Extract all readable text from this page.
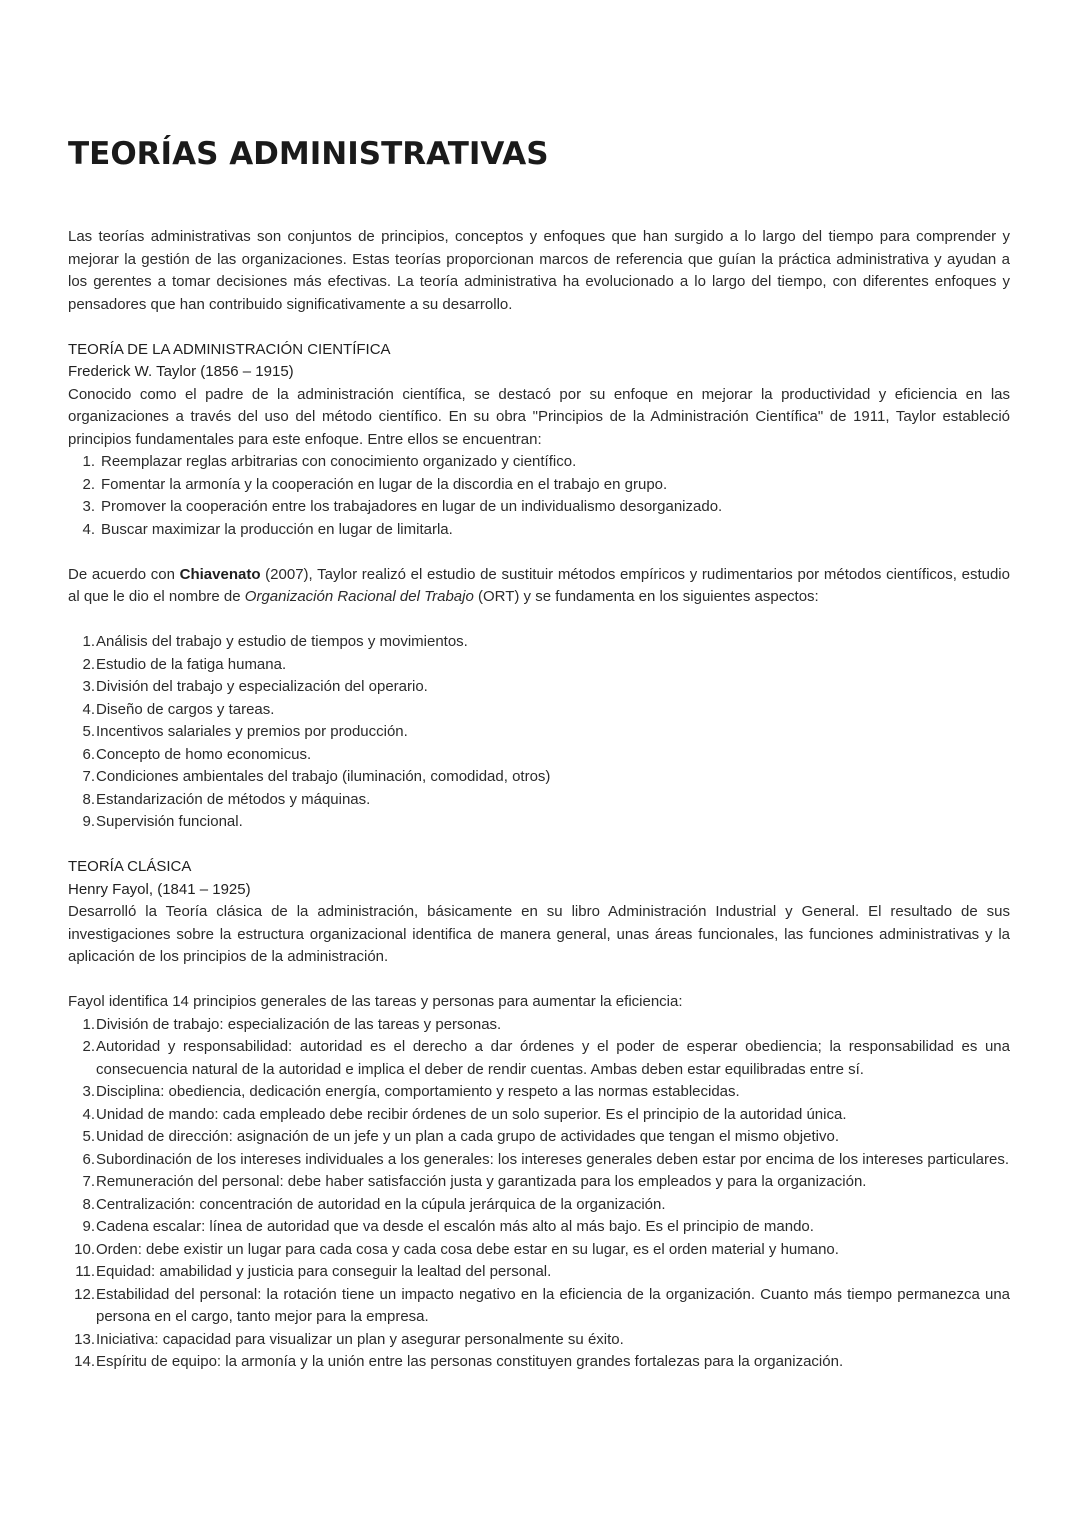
TEORÍAS ADMINISTRATIVAS

Las teorías administrativas son conjuntos de principios, conceptos y enfoques que han surgido a lo largo del tiempo para comprender y mejorar la gestión de las organizaciones. Estas teorías proporcionan marcos de referencia que guían la práctica administrativa y ayudan a los gerentes a tomar decisiones más efectivas. La teoría administrativa ha evolucionado a lo largo del tiempo, con diferentes enfoques y pensadores que han contribuido significativamente a su desarrollo.

TEORÍA DE LA ADMINISTRACIÓN CIENTÍFICA
Frederick W. Taylor (1856 – 1915)

Conocido como el padre de la administración científica, se destacó por su enfoque en mejorar la productividad y eficiencia en las organizaciones a través del uso del método científico. En su obra "Principios de la Administración Científica" de 1911, Taylor estableció principios fundamentales para este enfoque. Entre ellos se encuentran:

1. Reemplazar reglas arbitrarias con conocimiento organizado y científico.
2. Fomentar la armonía y la cooperación en lugar de la discordia en el trabajo en grupo.
3. Promover la cooperación entre los trabajadores en lugar de un individualismo desorganizado.
4. Buscar maximizar la producción en lugar de limitarla.

De acuerdo con Chiavenato (2007), Taylor realizó el estudio de sustituir métodos empíricos y rudimentarios por métodos científicos, estudio al que le dio el nombre de Organización Racional del Trabajo (ORT) y se fundamenta en los siguientes aspectos:

1. Análisis del trabajo y estudio de tiempos y movimientos.
2. Estudio de la fatiga humana.
3. División del trabajo y especialización del operario.
4. Diseño de cargos y tareas.
5. Incentivos salariales y premios por producción.
6. Concepto de homo economicus.
7. Condiciones ambientales del trabajo (iluminación, comodidad, otros)
8. Estandarización de métodos y máquinas.
9. Supervisión funcional.
TEORÍA CLÁSICA
Henry Fayol, (1841 – 1925)

Desarrolló la Teoría clásica de la administración, básicamente en su libro Administración Industrial y General. El resultado de sus investigaciones sobre la estructura organizacional identifica de manera general, unas áreas funcionales, las funciones administrativas y la aplicación de los principios de la administración.

Fayol identifica 14 principios generales de las tareas y personas para aumentar la eficiencia:

1. División de trabajo: especialización de las tareas y personas.
2. Autoridad y responsabilidad: autoridad es el derecho a dar órdenes y el poder de esperar obediencia; la responsabilidad es una consecuencia natural de la autoridad e implica el deber de rendir cuentas. Ambas deben estar equilibradas entre sí.
3. Disciplina: obediencia, dedicación energía, comportamiento y respeto a las normas establecidas.
4. Unidad de mando: cada empleado debe recibir órdenes de un solo superior. Es el principio de la autoridad única.
5. Unidad de dirección: asignación de un jefe y un plan a cada grupo de actividades que tengan el mismo objetivo.
6. Subordinación de los intereses individuales a los generales: los intereses generales deben estar por encima de los intereses particulares.
7. Remuneración del personal: debe haber satisfacción justa y garantizada para los empleados y para la organización.
8. Centralización: concentración de autoridad en la cúpula jerárquica de la organización.
9. Cadena escalar: línea de autoridad que va desde el escalón más alto al más bajo. Es el principio de mando.
10. Orden: debe existir un lugar para cada cosa y cada cosa debe estar en su lugar, es el orden material y humano.
11. Equidad: amabilidad y justicia para conseguir la lealtad del personal.
12. Estabilidad del personal: la rotación tiene un impacto negativo en la eficiencia de la organización. Cuanto más tiempo permanezca una persona en el cargo, tanto mejor para la empresa.
13. Iniciativa: capacidad para visualizar un plan y asegurar personalmente su éxito.
14. Espíritu de equipo: la armonía y la unión entre las personas constituyen grandes fortalezas para la organización.
